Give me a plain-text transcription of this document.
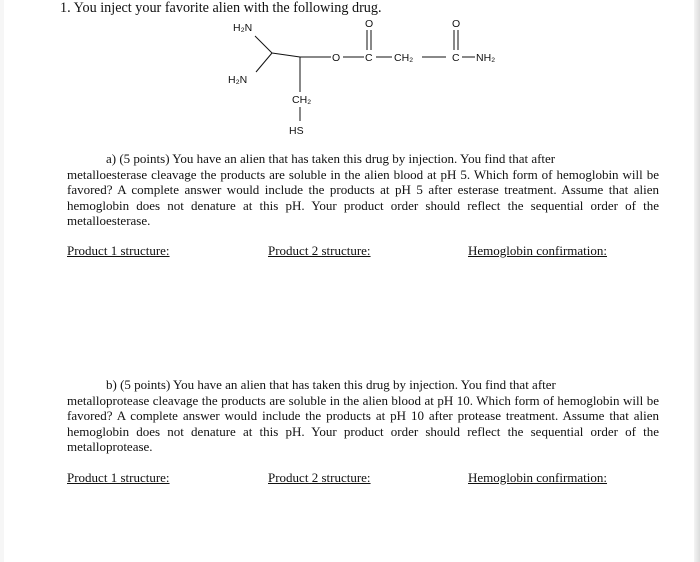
1. You inject your favorite alien with the following drug.
H₂N
H₂N
O
O
C CH₂
O
C NH₂
CH₂
HS
a) (5 points) You have an alien that has taken this drug by injection. You find that after
metalloesterase cleavage the products are soluble in the alien blood at pH 5. Which form of hemoglobin will be favored? A complete answer would include the products at pH 5 after esterase treatment. Assume that alien hemoglobin does not denature at this pH. Your product order should reflect the sequential order of the metalloesterase.
Product 1 structure:	Product 2 structure:	Hemoglobin confirmation:
b) (5 points) You have an alien that has taken this drug by injection. You find that after
metalloprotease cleavage the products are soluble in the alien blood at pH 10. Which form of hemoglobin will be favored? A complete answer would include the products at pH 10 after protease treatment. Assume that alien hemoglobin does not denature at this pH. Your product order should reflect the sequential order of the metalloprotease.
Product 1 structure:	Product 2 structure:	Hemoglobin confirmation:
